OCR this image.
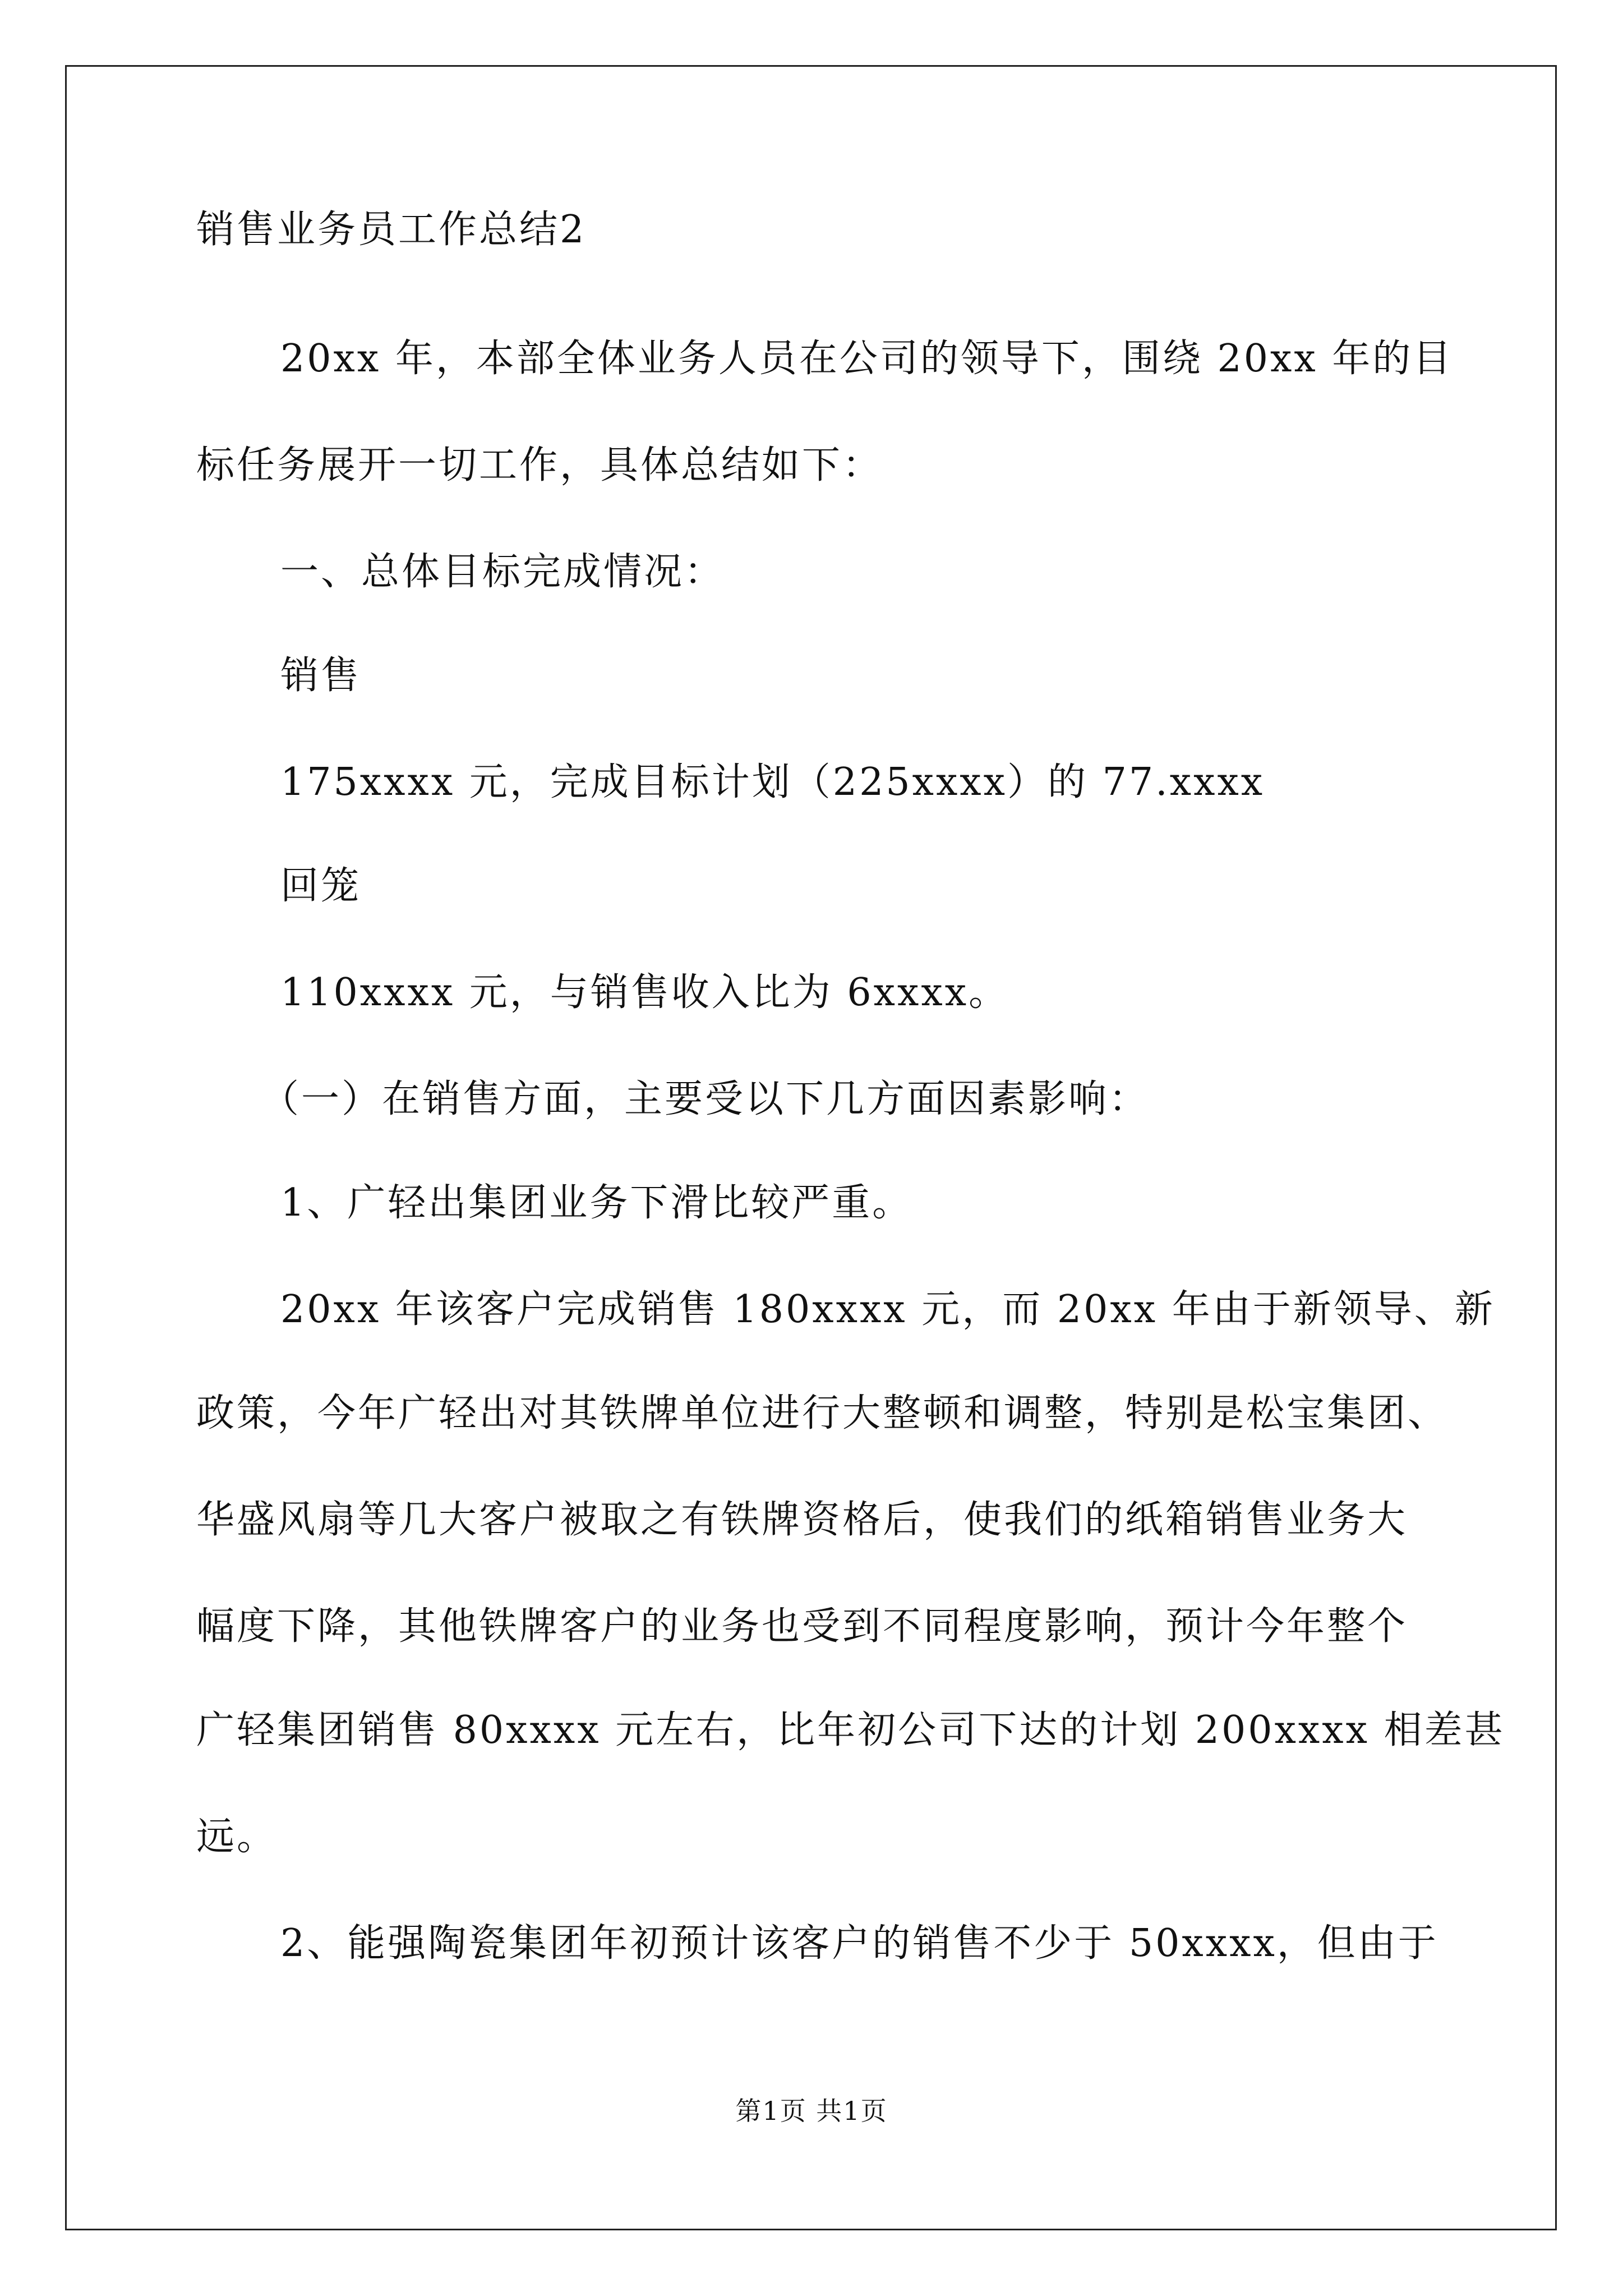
销售业务员工作总结2
20xx 年，本部全体业务人员在公司的领导下，围绕 20xx 年的目
标任务展开一切工作，具体总结如下：
一、总体目标完成情况：
销售
175xxxx 元，完成目标计划（225xxxx）的 77.xxxx
回笼
110xxxx 元，与销售收入比为 6xxxx。
（一）在销售方面，主要受以下几方面因素影响：
1、广轻出集团业务下滑比较严重。
20xx 年该客户完成销售 180xxxx 元，而 20xx 年由于新领导、新
政策，今年广轻出对其铁牌单位进行大整顿和调整，特别是松宝集团、
华盛风扇等几大客户被取之有铁牌资格后，使我们的纸箱销售业务大
幅度下降，其他铁牌客户的业务也受到不同程度影响，预计今年整个
广轻集团销售 80xxxx 元左右，比年初公司下达的计划 200xxxx 相差甚
远。
2、能强陶瓷集团年初预计该客户的销售不少于 50xxxx，但由于
第1页 共1页
